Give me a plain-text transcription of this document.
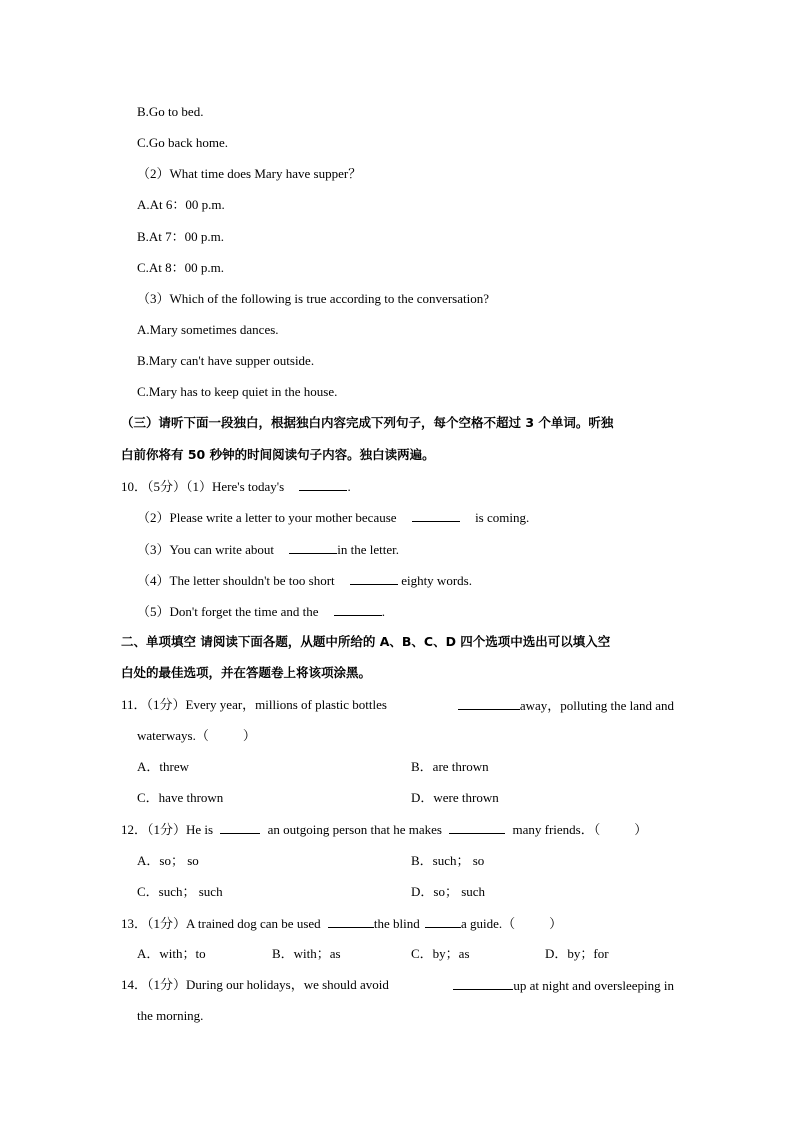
B.Go to bed.
C.Go back home.
（2）What time does Mary have supper？
A.At 6：00 p.m.
B.At 7：00 p.m.
C.At 8：00 p.m.
（3）Which of the following is true according to the conversation?
A.Mary sometimes dances.
B.Mary can't have supper outside.
C.Mary has to keep quiet in the house.
（三）请听下面一段独白，根据独白内容完成下列句子，每个空格不超过 3 个单词。听独
白前你将有 50 秒钟的时间阅读句子内容。独白读两遍。
10．（5分）（1）Here's today's	.
（2）Please write a letter to your mother because	is coming.
（3）You can write about	in the letter.
（4）The letter shouldn't be too short	eighty words.
（5）Don't forget the time and the	.
二、单项填空 请阅读下面各题，从题中所给的 A、B、C、D 四个选项中选出可以填入空
白处的最佳选项，并在答题卷上将该项涂黑。
11．（1分）Every year，millions of plastic bottles	away，polluting the land and
waterways.（	）
A．threw	B．are thrown
C．have thrown	D．were thrown
12．（1分）He is	an outgoing person that he makes	many friends．（	）
A．so； so	B．such； so
C．such； such	D．so； such
13．（1分）A trained dog can be used	the blind	a guide.（	）
A．with；to	B．with；as	C．by；as	D．by；for
14．（1分）During our holidays，we should avoid	up at night and oversleeping in
the morning.
